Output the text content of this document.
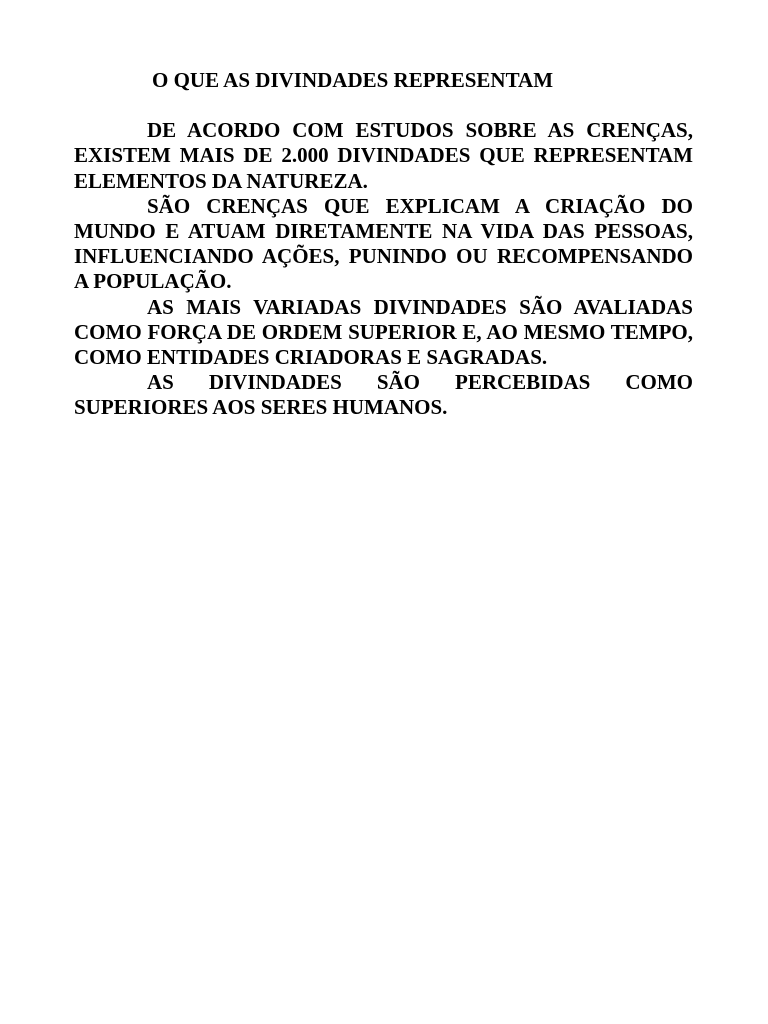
O QUE AS DIVINDADES REPRESENTAM

DE ACORDO COM ESTUDOS SOBRE AS CRENÇAS, EXISTEM MAIS DE 2.000 DIVINDADES QUE REPRESENTAM ELEMENTOS DA NATUREZA.

SÃO CRENÇAS QUE EXPLICAM A CRIAÇÃO DO MUNDO E ATUAM DIRETAMENTE NA VIDA DAS PESSOAS, INFLUENCIANDO AÇÕES, PUNINDO OU RECOMPENSANDO A POPULAÇÃO.

AS MAIS VARIADAS DIVINDADES SÃO AVALIADAS COMO FORÇA DE ORDEM SUPERIOR E, AO MESMO TEMPO, COMO ENTIDADES CRIADORAS E SAGRADAS.

AS DIVINDADES SÃO PERCEBIDAS COMO SUPERIORES AOS SERES HUMANOS.
